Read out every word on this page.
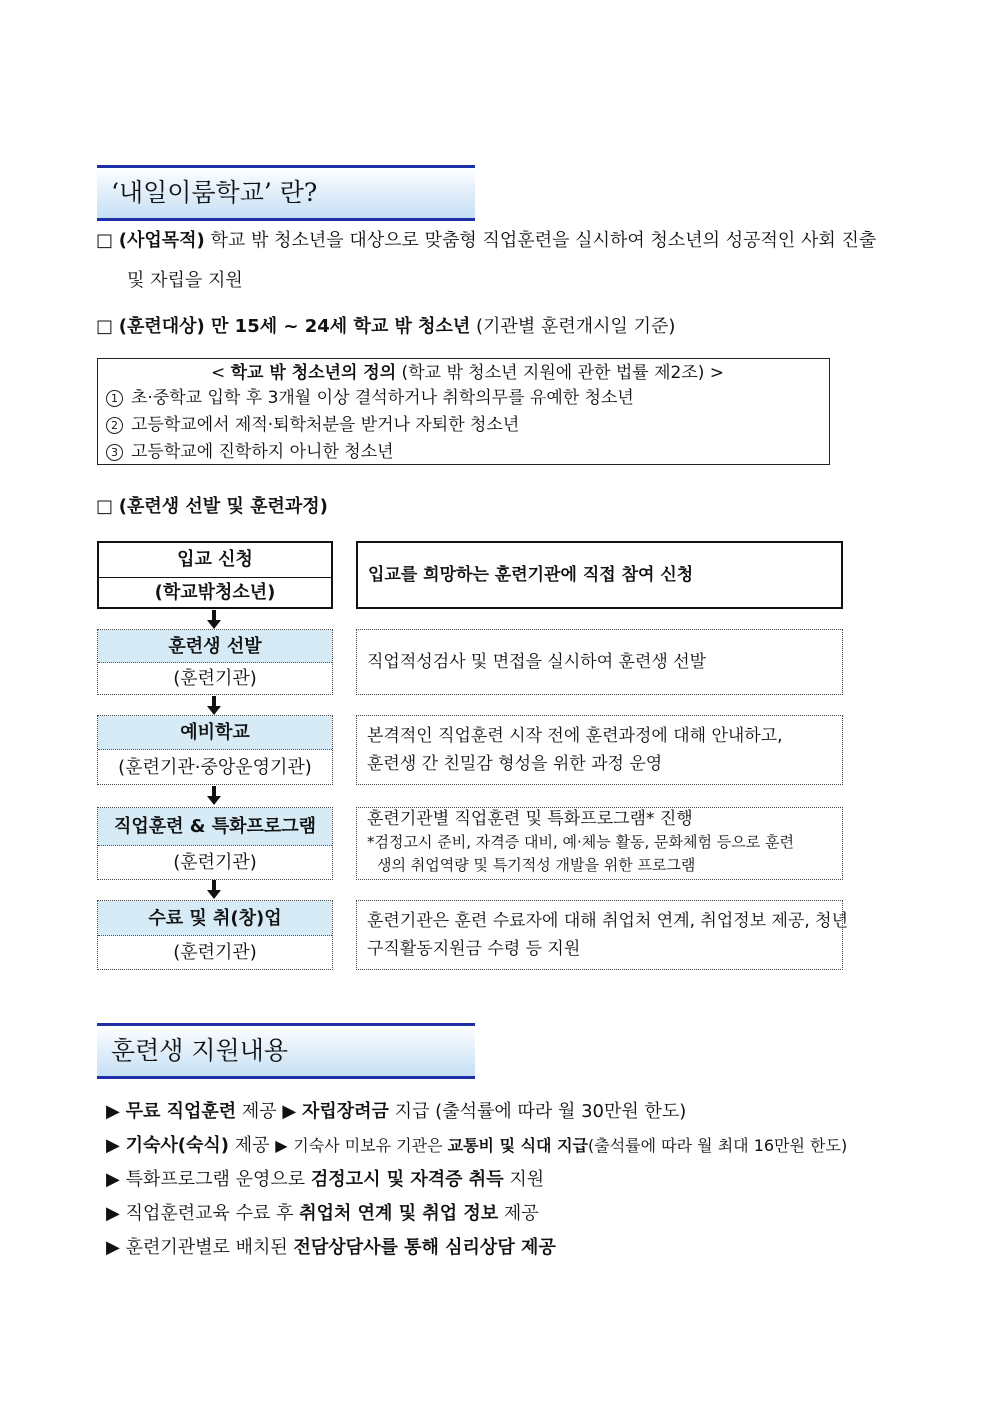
‘내일이룸학교’ 란?
□ (사업목적) 학교 밖 청소년을 대상으로 맞춤형 직업훈련을 실시하여 청소년의 성공적인 사회 진출
및 자립을 지원
□ (훈련대상) 만 15세 ~ 24세 학교 밖 청소년 (기관별 훈련개시일 기준)
< 학교 밖 청소년의 정의 (학교 밖 청소년 지원에 관한 법률 제2조) >
1 초·중학교 입학 후 3개월 이상 결석하거나 취학의무를 유예한 청소년
2 고등학교에서 제적·퇴학처분을 받거나 자퇴한 청소년
3 고등학교에 진학하지 아니한 청소년
□ (훈련생 선발 및 훈련과정)
입교 신청
(학교밖청소년)
입교를 희망하는 훈련기관에 직접 참여 신청
훈련생 선발
(훈련기관)
직업적성검사 및 면접을 실시하여 훈련생 선발
예비학교
(훈련기관·중앙운영기관)
본격적인 직업훈련 시작 전에 훈련과정에 대해 안내하고,
훈련생 간 친밀감 형성을 위한 과정 운영
직업훈련 & 특화프로그램
(훈련기관)
훈련기관별 직업훈련 및 특화프로그램* 진행
*검정고시 준비, 자격증 대비, 예·체능 활동, 문화체험 등으로 훈련
생의 취업역량 및 특기적성 개발을 위한 프로그램
수료 및 취(창)업
(훈련기관)
훈련기관은 훈련 수료자에 대해 취업처 연계, 취업정보 제공, 청년
구직활동지원금 수령 등 지원
훈련생 지원내용
▶ 무료 직업훈련 제공 ▶ 자립장려금 지급 (출석률에 따라 월 30만원 한도)
▶ 기숙사(숙식) 제공 ▶ 기숙사 미보유 기관은 교통비 및 식대 지급(출석률에 따라 월 최대 16만원 한도)
▶ 특화프로그램 운영으로 검정고시 및 자격증 취득 지원
▶ 직업훈련교육 수료 후 취업처 연계 및 취업 정보 제공
▶ 훈련기관별로 배치된 전담상담사를 통해 심리상담 제공
